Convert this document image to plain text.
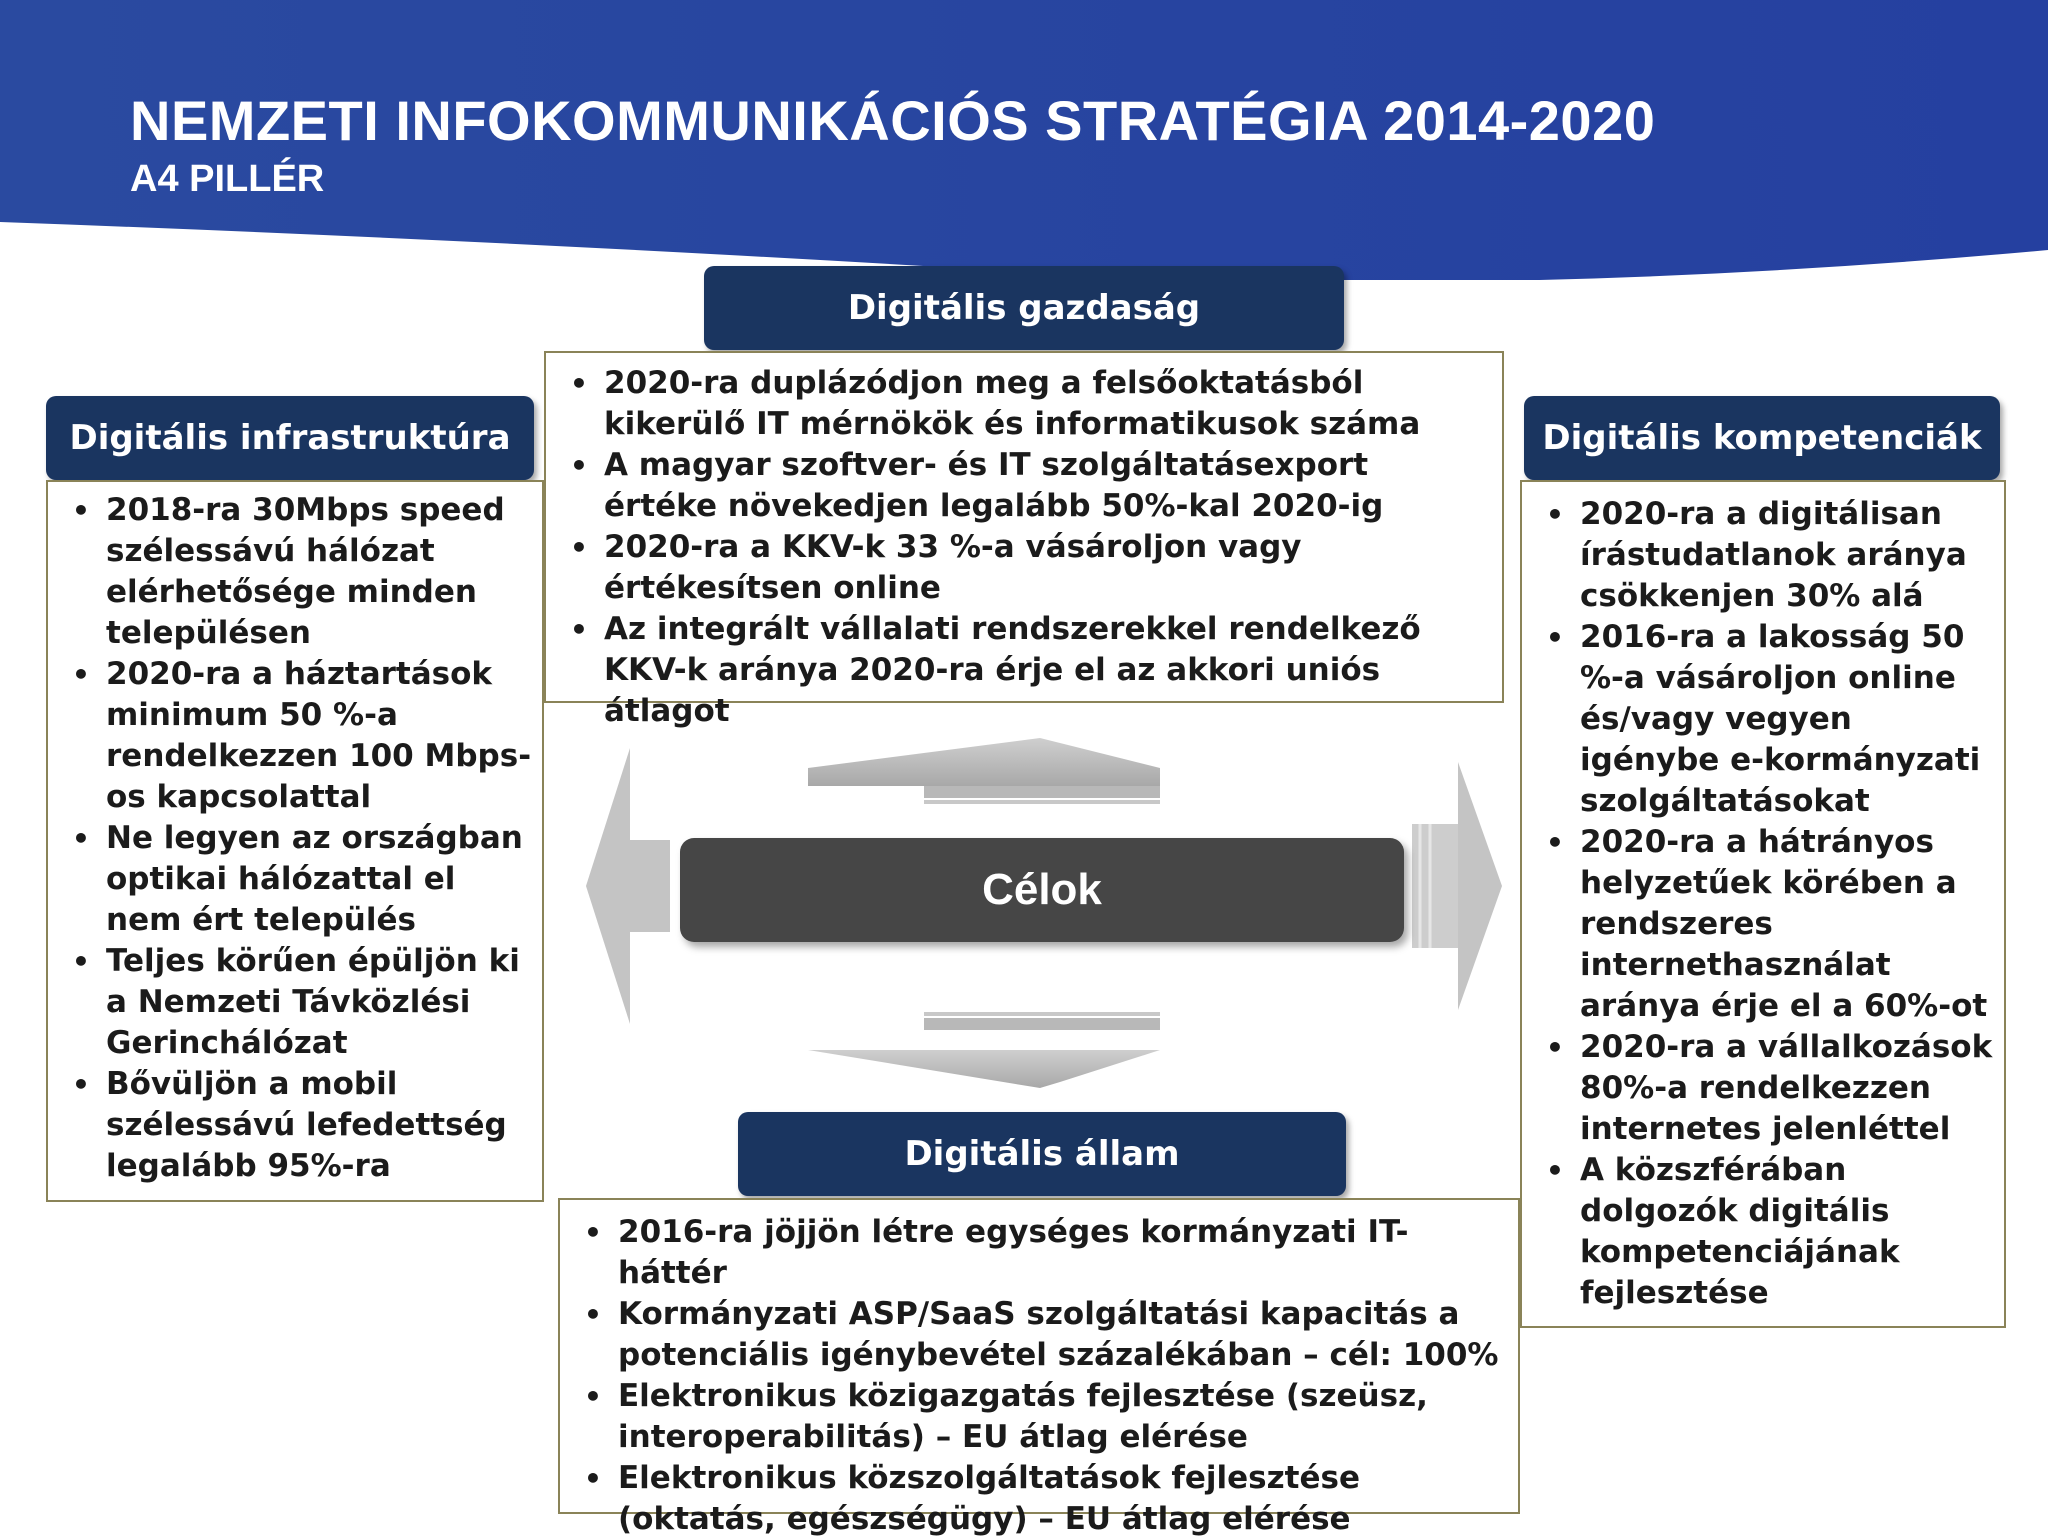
NEMZETI INFOKOMMUNIKÁCIÓS STRATÉGIA 2014-2020
A4 PILLÉR
Célok
Digitális gazdaság
• 2020-ra duplázódjon meg a felsőoktatásból kikerülő IT mérnökök és informatikusok száma
• A magyar szoftver- és IT szolgáltatásexport értéke növekedjen legalább 50%-kal 2020-ig
• 2020-ra a KKV-k 33 %-a vásároljon vagy értékesítsen online
• Az integrált vállalati rendszerekkel rendelkező KKV-k aránya 2020-ra érje el az akkori uniós átlagot
Digitális infrastruktúra
• 2018-ra 30Mbps speed szélessávú hálózat elérhetősége minden településen
• 2020-ra a háztartások minimum 50 %-a rendelkezzen 100 Mbps-os kapcsolattal
• Ne legyen az országban optikai hálózattal el nem ért település
• Teljes körűen épüljön ki a Nemzeti Távközlési Gerinchálózat
• Bővüljön a mobil szélessávú lefedettség legalább 95%-ra
Digitális kompetenciák
• 2020-ra a digitálisan írástudatlanok aránya csökkenjen 30% alá
• 2016-ra a lakosság 50 %-a vásároljon online és/vagy vegyen igénybe e-kormányzati szolgáltatásokat
• 2020-ra a hátrányos helyzetűek körében a rendszeres internethasználat aránya érje el a 60%-ot
• 2020-ra a vállalkozások 80%-a rendelkezzen internetes jelenléttel
• A közszférában dolgozók digitális kompetenciájának fejlesztése
Digitális állam
• 2016-ra jöjjön létre egységes kormányzati IT-háttér
• Kormányzati ASP/SaaS szolgáltatási kapacitás a potenciális igénybevétel százalékában – cél: 100%
• Elektronikus közigazgatás fejlesztése (szeüsz, interoperabilitás) – EU átlag elérése
• Elektronikus közszolgáltatások fejlesztése (oktatás, egészségügy) – EU átlag elérése
